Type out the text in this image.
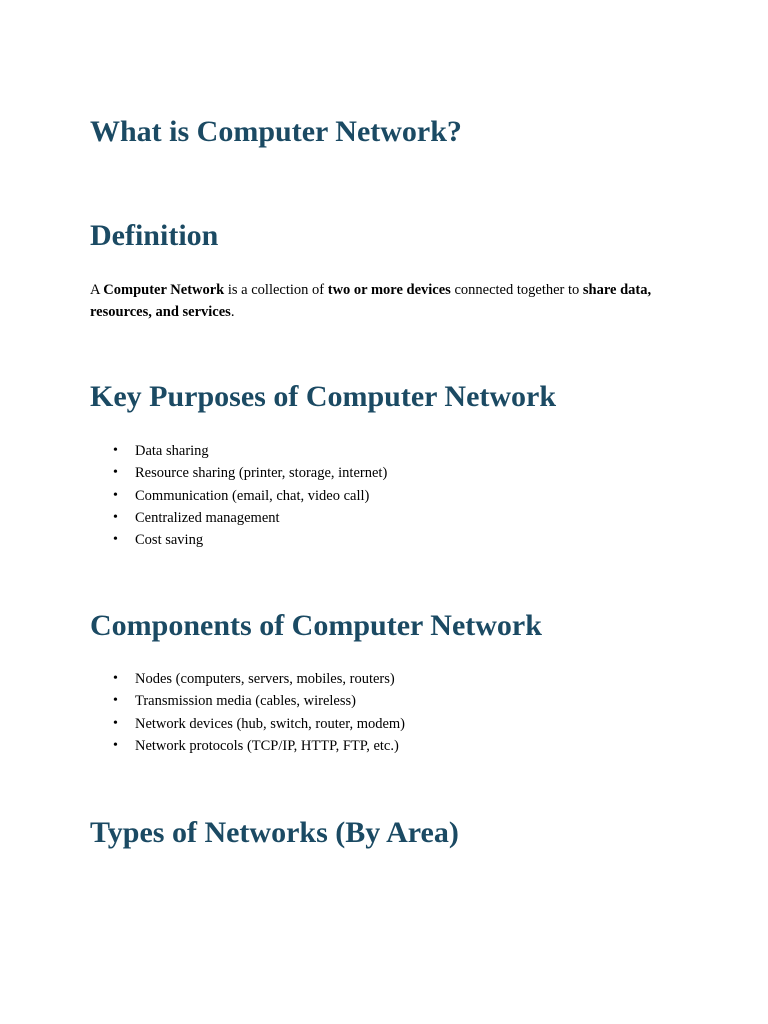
What is Computer Network?
Definition

A Computer Network is a collection of two or more devices connected together to share data, resources, and services.

Key Purposes of Computer Network
• Data sharing
• Resource sharing (printer, storage, internet)
• Communication (email, chat, video call)
• Centralized management
• Cost saving
Components of Computer Network
• Nodes (computers, servers, mobiles, routers)
• Transmission media (cables, wireless)
• Network devices (hub, switch, router, modem)
• Network protocols (TCP/IP, HTTP, FTP, etc.)
Types of Networks (By Area)
